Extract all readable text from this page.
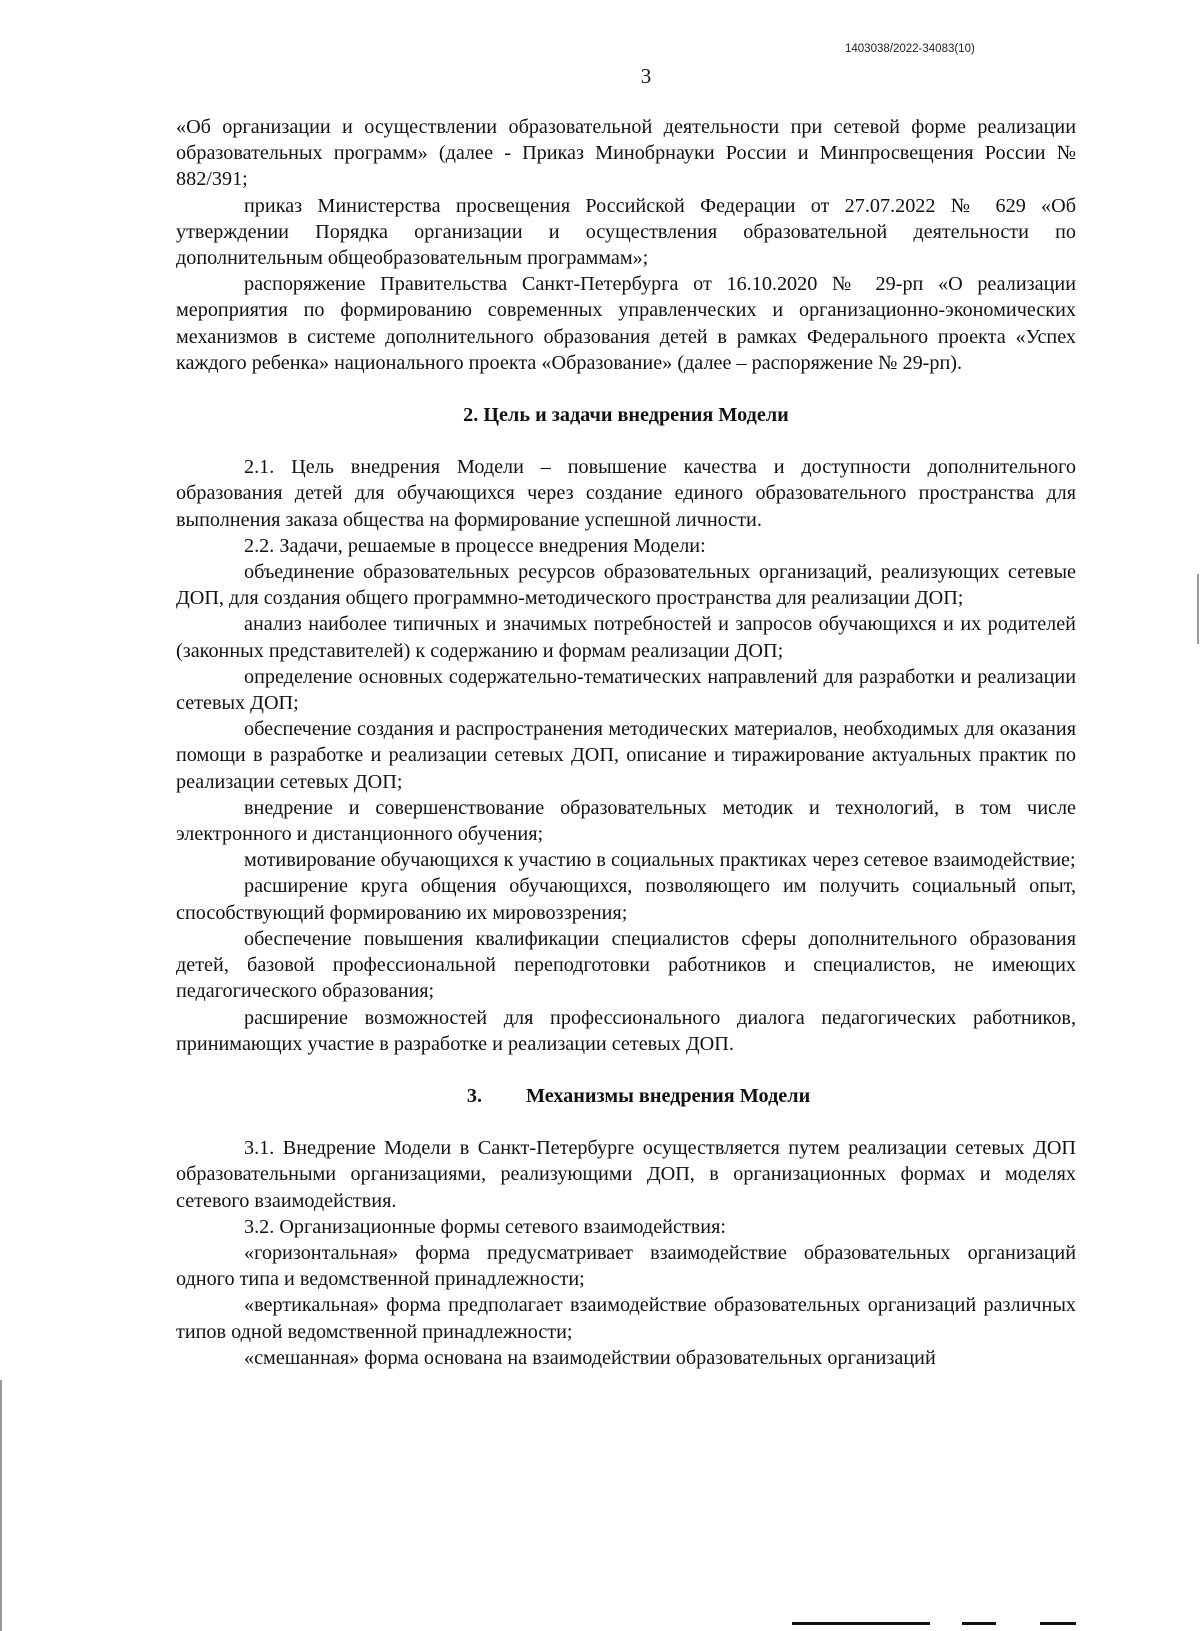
1403038/2022-34083(10)
3

«Об организации и осуществлении образовательной деятельности при сетевой форме реализации образовательных программ» (далее - Приказ Минобрнауки России и Минпросвещения России № 882/391;

приказ Министерства просвещения Российской Федерации от 27.07.2022 № 629 «Об утверждении Порядка организации и осуществления образовательной деятельности по дополнительным общеобразовательным программам»;

распоряжение Правительства Санкт-Петербурга от 16.10.2020 № 29-рп «О реализации мероприятия по формированию современных управленческих и организационно-экономических механизмов в системе дополнительного образования детей в рамках Федерального проекта «Успех каждого ребенка» национального проекта «Образование» (далее – распоряжение № 29-рп).

2. Цель и задачи внедрения Модели

2.1. Цель внедрения Модели – повышение качества и доступности дополнительного образования детей для обучающихся через создание единого образовательного пространства для выполнения заказа общества на формирование успешной личности.

2.2. Задачи, решаемые в процессе внедрения Модели:

объединение образовательных ресурсов образовательных организаций, реализующих сетевые ДОП, для создания общего программно-методического пространства для реализации ДОП;

анализ наиболее типичных и значимых потребностей и запросов обучающихся и их родителей (законных представителей) к содержанию и формам реализации ДОП;

определение основных содержательно-тематических направлений для разработки и реализации сетевых ДОП;

обеспечение создания и распространения методических материалов, необходимых для оказания помощи в разработке и реализации сетевых ДОП, описание и тиражирование актуальных практик по реализации сетевых ДОП;

внедрение и совершенствование образовательных методик и технологий, в том числе электронного и дистанционного обучения;

мотивирование обучающихся к участию в социальных практиках через сетевое взаимодействие;

расширение круга общения обучающихся, позволяющего им получить социальный опыт, способствующий формированию их мировоззрения;

обеспечение повышения квалификации специалистов сферы дополнительного образования детей, базовой профессиональной переподготовки работников и специалистов, не имеющих педагогического образования;

расширение возможностей для профессионального диалога педагогических работников, принимающих участие в разработке и реализации сетевых ДОП.

3.	Механизмы внедрения Модели

3.1. Внедрение Модели в Санкт-Петербурге осуществляется путем реализации сетевых ДОП образовательными организациями, реализующими ДОП, в организационных формах и моделях сетевого взаимодействия.

3.2. Организационные формы сетевого взаимодействия:

«горизонтальная» форма предусматривает взаимодействие образовательных организаций одного типа и ведомственной принадлежности;

«вертикальная» форма предполагает взаимодействие образовательных организаций различных типов одной ведомственной принадлежности;

«смешанная» форма основана на взаимодействии образовательных организаций
